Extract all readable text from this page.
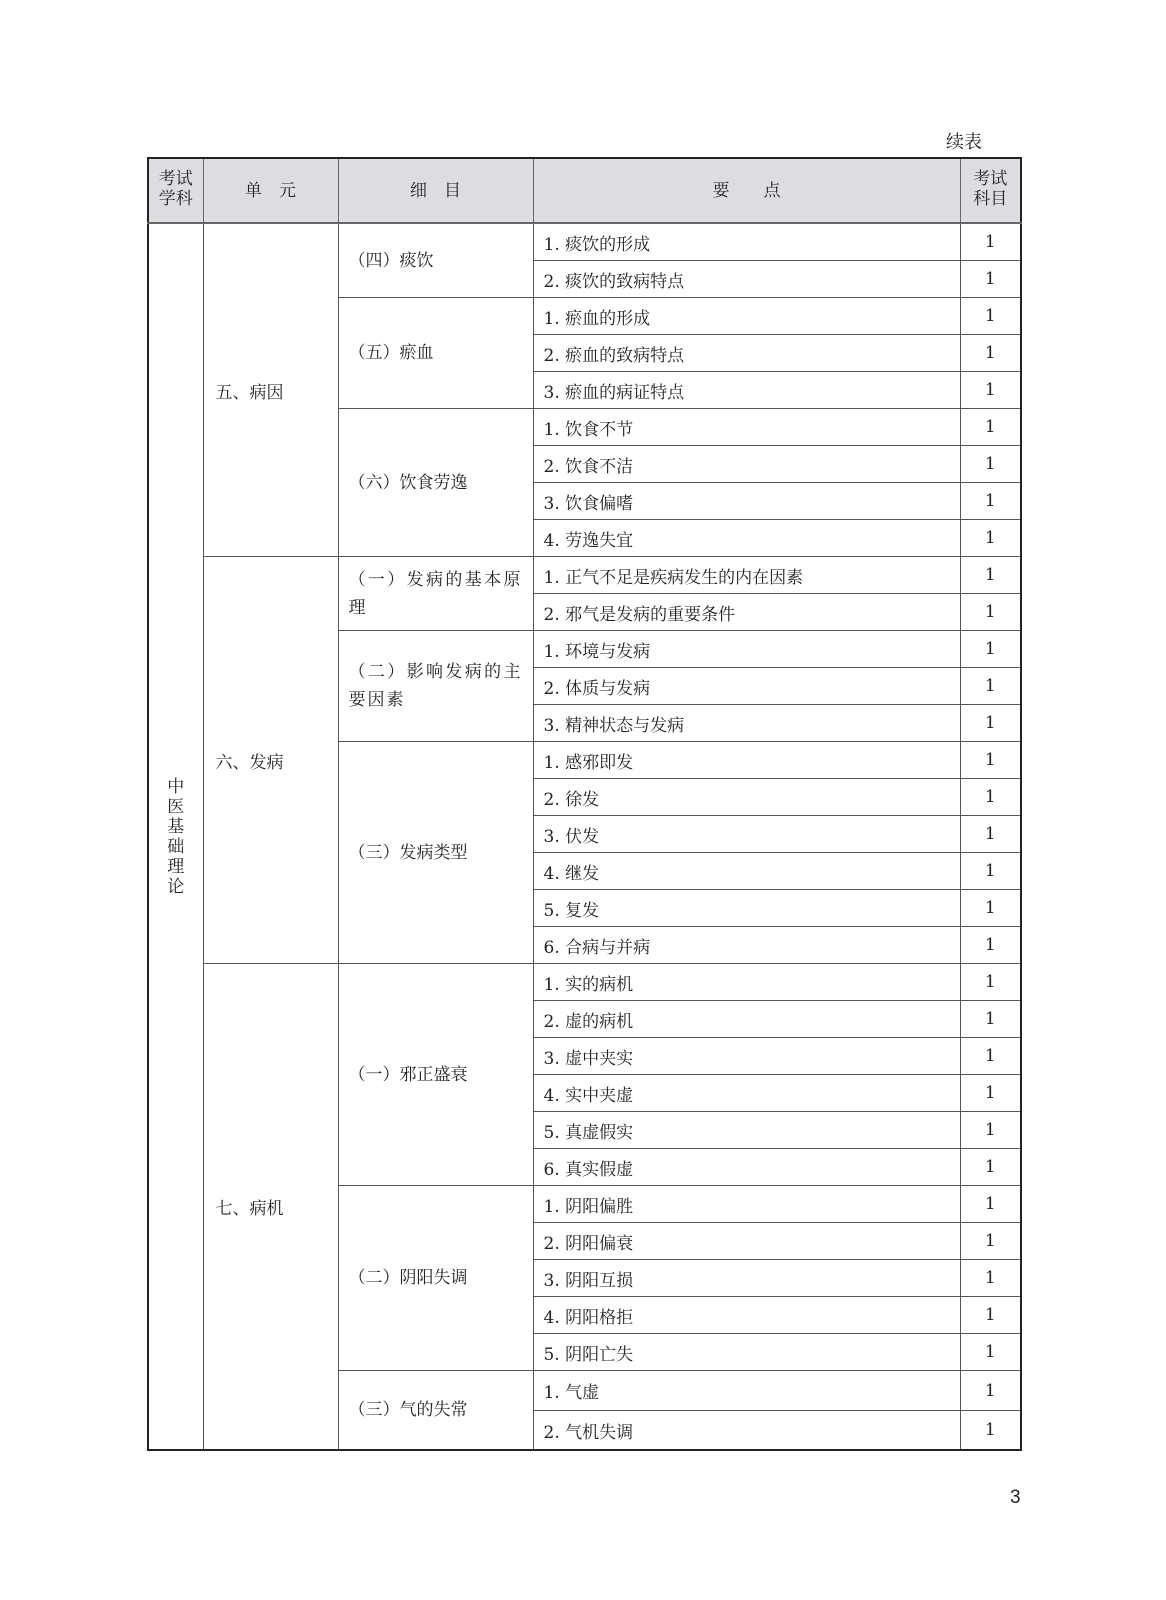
续表
考试学科	单　元	细　目	要　　点	考试科目
中医基础理论	五、病因	（四）痰饮	1. 痰饮的形成	1
			2. 痰饮的致病特点	1
		（五）瘀血	1. 瘀血的形成	1
			2. 瘀血的致病特点	1
			3. 瘀血的病证特点	1
		（六）饮食劳逸	1. 饮食不节	1
			2. 饮食不洁	1
			3. 饮食偏嗜	1
			4. 劳逸失宜	1
	六、发病	（一）发病的基本原理	1. 正气不足是疾病发生的内在因素	1
			2. 邪气是发病的重要条件	1
		（二）影响发病的主要因素	1. 环境与发病	1
			2. 体质与发病	1
			3. 精神状态与发病	1
		（三）发病类型	1. 感邪即发	1
			2. 徐发	1
			3. 伏发	1
			4. 继发	1
			5. 复发	1
			6. 合病与并病	1
	七、病机	（一）邪正盛衰	1. 实的病机	1
			2. 虚的病机	1
			3. 虚中夹实	1
			4. 实中夹虚	1
			5. 真虚假实	1
			6. 真实假虚	1
		（二）阴阳失调	1. 阴阳偏胜	1
			2. 阴阳偏衰	1
			3. 阴阳互损	1
			4. 阴阳格拒	1
			5. 阴阳亡失	1
		（三）气的失常	1. 气虚	1
			2. 气机失调	1
3
